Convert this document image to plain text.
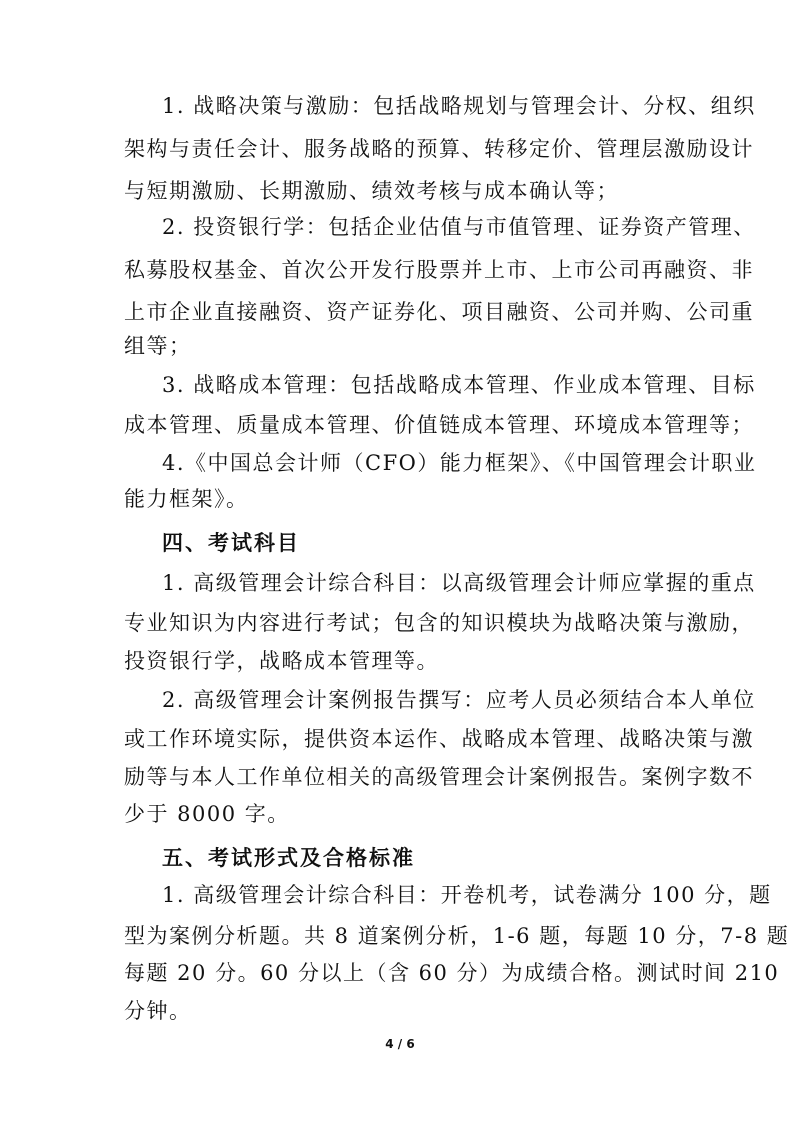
1. 战略决策与激励：包括战略规划与管理会计、分权、组织
架构与责任会计、服务战略的预算、转移定价、管理层激励设计
与短期激励、长期激励、绩效考核与成本确认等；
2. 投资银行学：包括企业估值与市值管理、证券资产管理、
私募股权基金、首次公开发行股票并上市、上市公司再融资、非
上市企业直接融资、资产证券化、项目融资、公司并购、公司重
组等；
3. 战略成本管理：包括战略成本管理、作业成本管理、目标
成本管理、质量成本管理、价值链成本管理、环境成本管理等；
4.《中国总会计师（CFO）能力框架》、《中国管理会计职业
能力框架》。
四、考试科目
1. 高级管理会计综合科目：以高级管理会计师应掌握的重点
专业知识为内容进行考试；包含的知识模块为战略决策与激励，
投资银行学，战略成本管理等。
2. 高级管理会计案例报告撰写：应考人员必须结合本人单位
或工作环境实际，提供资本运作、战略成本管理、战略决策与激
励等与本人工作单位相关的高级管理会计案例报告。案例字数不
少于 8000 字。
五、考试形式及合格标准
1. 高级管理会计综合科目：开卷机考，试卷满分 100 分，题
型为案例分析题。共 8 道案例分析，1-6 题，每题 10 分，7-8 题
每题 20 分。60 分以上（含 60 分）为成绩合格。测试时间 210
分钟。
4 / 6
